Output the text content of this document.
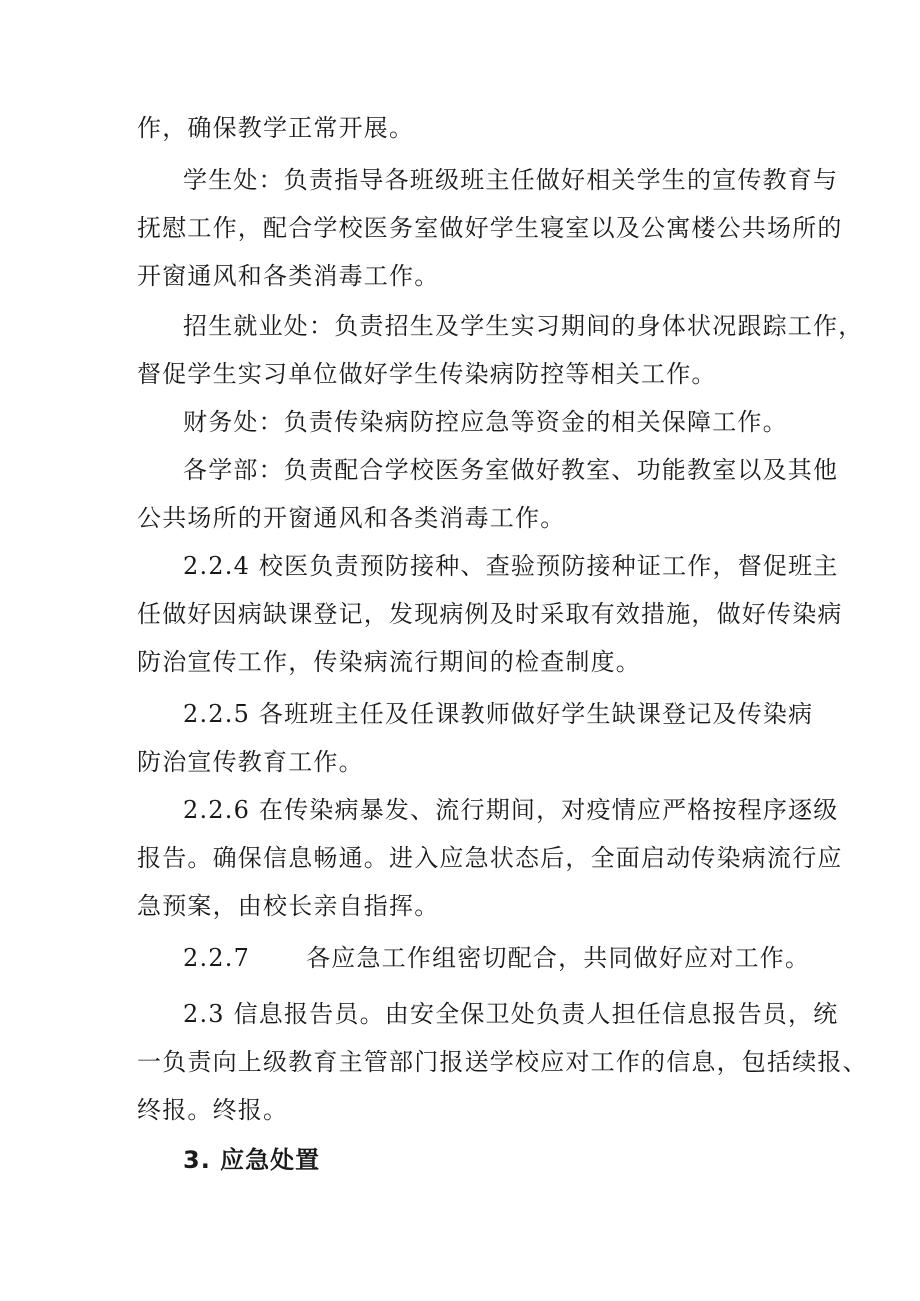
作，确保教学正常开展。

学生处：负责指导各班级班主任做好相关学生的宣传教育与
抚慰工作，配合学校医务室做好学生寝室以及公寓楼公共场所的
开窗通风和各类消毒工作。

招生就业处：负责招生及学生实习期间的身体状况跟踪工作，
督促学生实习单位做好学生传染病防控等相关工作。

财务处：负责传染病防控应急等资金的相关保障工作。

各学部：负责配合学校医务室做好教室、功能教室以及其他
公共场所的开窗通风和各类消毒工作。

2.2.4 校医负责预防接种、查验预防接种证工作，督促班主
任做好因病缺课登记，发现病例及时采取有效措施，做好传染病
防治宣传工作，传染病流行期间的检查制度。

2.2.5 各班班主任及任课教师做好学生缺课登记及传染病
防治宣传教育工作。

2.2.6 在传染病暴发、流行期间，对疫情应严格按程序逐级
报告。确保信息畅通。进入应急状态后，全面启动传染病流行应
急预案，由校长亲自指挥。

2.2.7 各应急工作组密切配合，共同做好应对工作。

2.3 信息报告员。由安全保卫处负责人担任信息报告员，统
一负责向上级教育主管部门报送学校应对工作的信息，包括续报、
终报。终报。

3. 应急处置
